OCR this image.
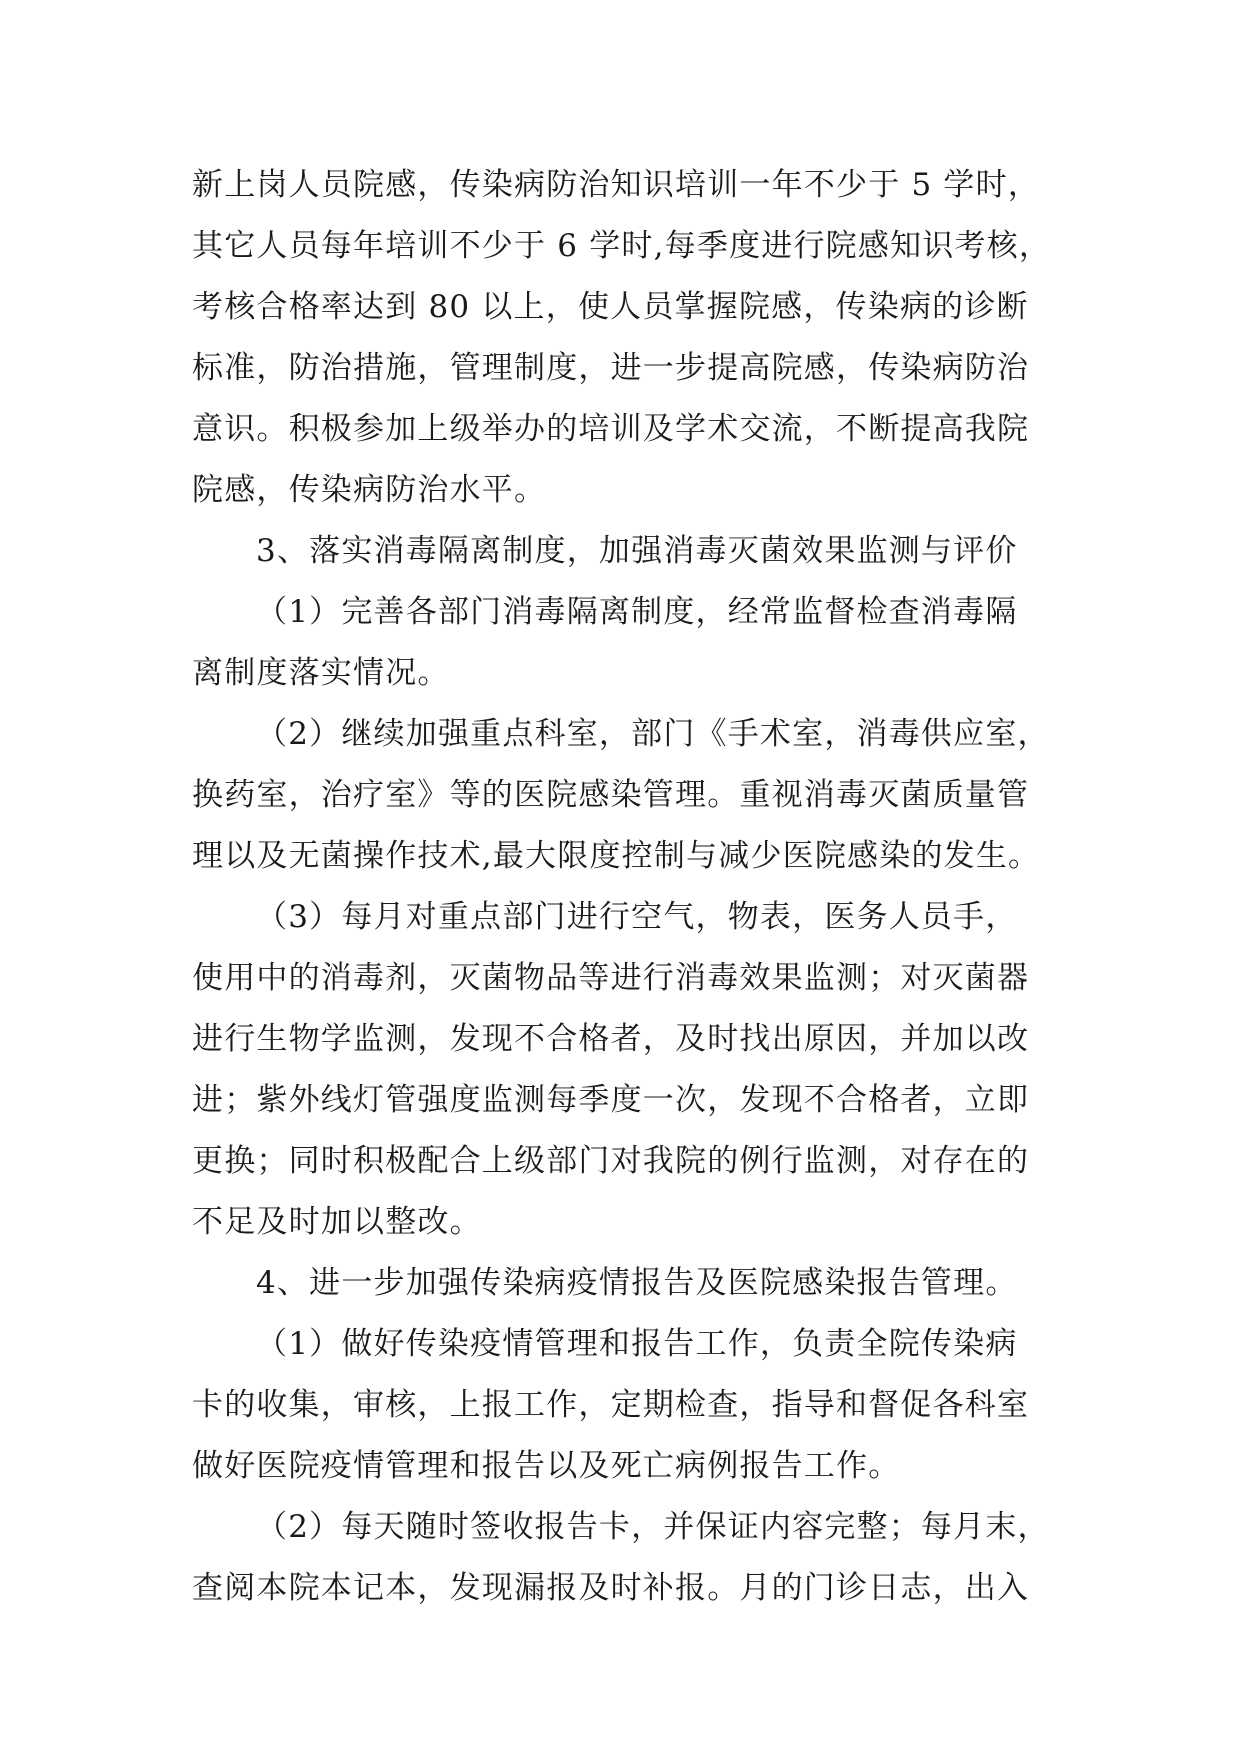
新上岗人员院感，传染病防治知识培训一年不少于 5 学时，
其它人员每年培训不少于 6 学时,每季度进行院感知识考核，
考核合格率达到 80 以上，使人员掌握院感，传染病的诊断
标准，防治措施，管理制度，进一步提高院感，传染病防治
意识。积极参加上级举办的培训及学术交流，不断提高我院
院感，传染病防治水平。
3、落实消毒隔离制度，加强消毒灭菌效果监测与评价
（1）完善各部门消毒隔离制度，经常监督检查消毒隔
离制度落实情况。
（2）继续加强重点科室，部门《手术室，消毒供应室，
换药室，治疗室》等的医院感染管理。重视消毒灭菌质量管
理以及无菌操作技术,最大限度控制与减少医院感染的发生。
（3）每月对重点部门进行空气，物表，医务人员手，
使用中的消毒剂，灭菌物品等进行消毒效果监测；对灭菌器
进行生物学监测，发现不合格者，及时找出原因，并加以改
进；紫外线灯管强度监测每季度一次，发现不合格者，立即
更换；同时积极配合上级部门对我院的例行监测，对存在的
不足及时加以整改。
4、进一步加强传染病疫情报告及医院感染报告管理。
（1）做好传染疫情管理和报告工作，负责全院传染病
卡的收集，审核，上报工作，定期检查，指导和督促各科室
做好医院疫情管理和报告以及死亡病例报告工作。
（2）每天随时签收报告卡，并保证内容完整；每月末，
查阅本院本记本，发现漏报及时补报。月的门诊日志，出入
